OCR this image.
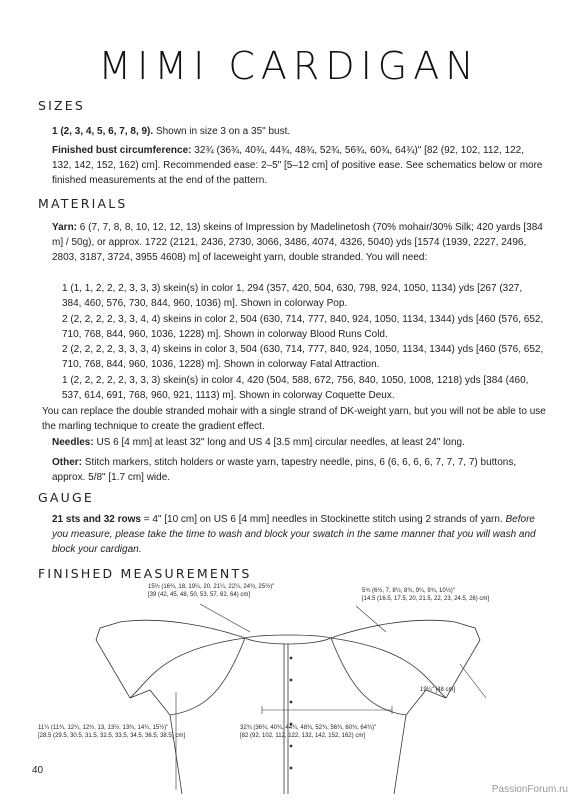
MIMI CARDIGAN
SIZES
1 (2, 3, 4, 5, 6, 7, 8, 9). Shown in size 3 on a 35" bust.
Finished bust circumference: 32¾ (36¾, 40¾, 44¾, 48¾, 52¾, 56¾, 60¾, 64¾)" [82 (92, 102, 112, 122, 132, 142, 152, 162) cm]. Recommended ease: 2–5" [5–12 cm] of positive ease. See schematics below or more finished measurements at the end of the pattern.
MATERIALS
Yarn: 6 (7, 7, 8, 8, 10, 12, 12, 13) skeins of Impression by Madelinetosh (70% mohair/30% Silk; 420 yards [384 m] / 50g), or approx. 1722 (2121, 2436, 2730, 3066, 3486, 4074, 4326, 5040) yds [1574 (1939, 2227, 2496, 2803, 3187, 3724, 3955 4608) m] of laceweight yarn, double stranded. You will need:
1 (1, 1, 2, 2, 2, 3, 3, 3) skein(s) in color 1, 294 (357, 420, 504, 630, 798, 924, 1050, 1134) yds [267 (327, 384, 460, 576, 730, 844, 960, 1036) m]. Shown in colorway Pop.
2 (2, 2, 2, 2, 3, 3, 4, 4) skeins in color 2, 504 (630, 714, 777, 840, 924, 1050, 1134, 1344) yds [460 (576, 652, 710, 768, 844, 960, 1036, 1228) m]. Shown in colorway Blood Runs Cold.
2 (2, 2, 2, 2, 3, 3, 3, 4) skeins in color 3, 504 (630, 714, 777, 840, 924, 1050, 1134, 1344) yds [460 (576, 652, 710, 768, 844, 960, 1036, 1228) m]. Shown in colorway Fatal Attraction.
1 (2, 2, 2, 2, 2, 3, 3, 3) skein(s) in color 4, 420 (504, 588, 672, 756, 840, 1050, 1008, 1218) yds [384 (460, 537, 614, 691, 768, 960, 921, 1113) m]. Shown in colorway Coquette Deux.
You can replace the double stranded mohair with a single strand of DK-weight yarn, but you will not be able to use the marling technique to create the gradient effect.
Needles: US 6 [4 mm] at least 32" long and US 4 [3.5 mm] circular needles, at least 24" long.
Other: Stitch markers, stitch holders or waste yarn, tapestry needle, pins, 6 (6, 6, 6, 6, 7, 7, 7, 7) buttons, approx. 5/8" [1.7 cm] wide.
GAUGE
21 sts and 32 rows = 4" [10 cm] on US 6 [4 mm] needles in Stockinette stitch using 2 strands of yarn. Before you measure, please take the time to wash and block your swatch in the same manner that you will wash and block your cardigan.
FINISHED MEASUREMENTS
15½ (16¾, 18, 19¼, 20, 21¼, 22¼, 24¾, 25½)"
[39 (42, 45, 48, 50, 53, 57, 62, 64) cm]
5¾ (6½, 7, 8½, 8¾, 9¼, 9¾, 10½)"
[14.5 (16.5, 17.5, 20, 21.5, 22, 23, 24.5, 26) cm]
19¼" [48 cm]
11¼ (11¾, 12¼, 12½, 13, 13½, 13¾, 14¼, 15½)"
[28.5 (29.5, 30.5, 31.5, 32.5, 33.5, 34.5, 36.5, 38.5) cm]
32¾ (36¾, 40¾, 44¾, 48¾, 52¾, 56¾, 60¾, 64¾)"
[82 (92, 102, 112, 122, 132, 142, 152, 162) cm]
40
PassionForum.ru
